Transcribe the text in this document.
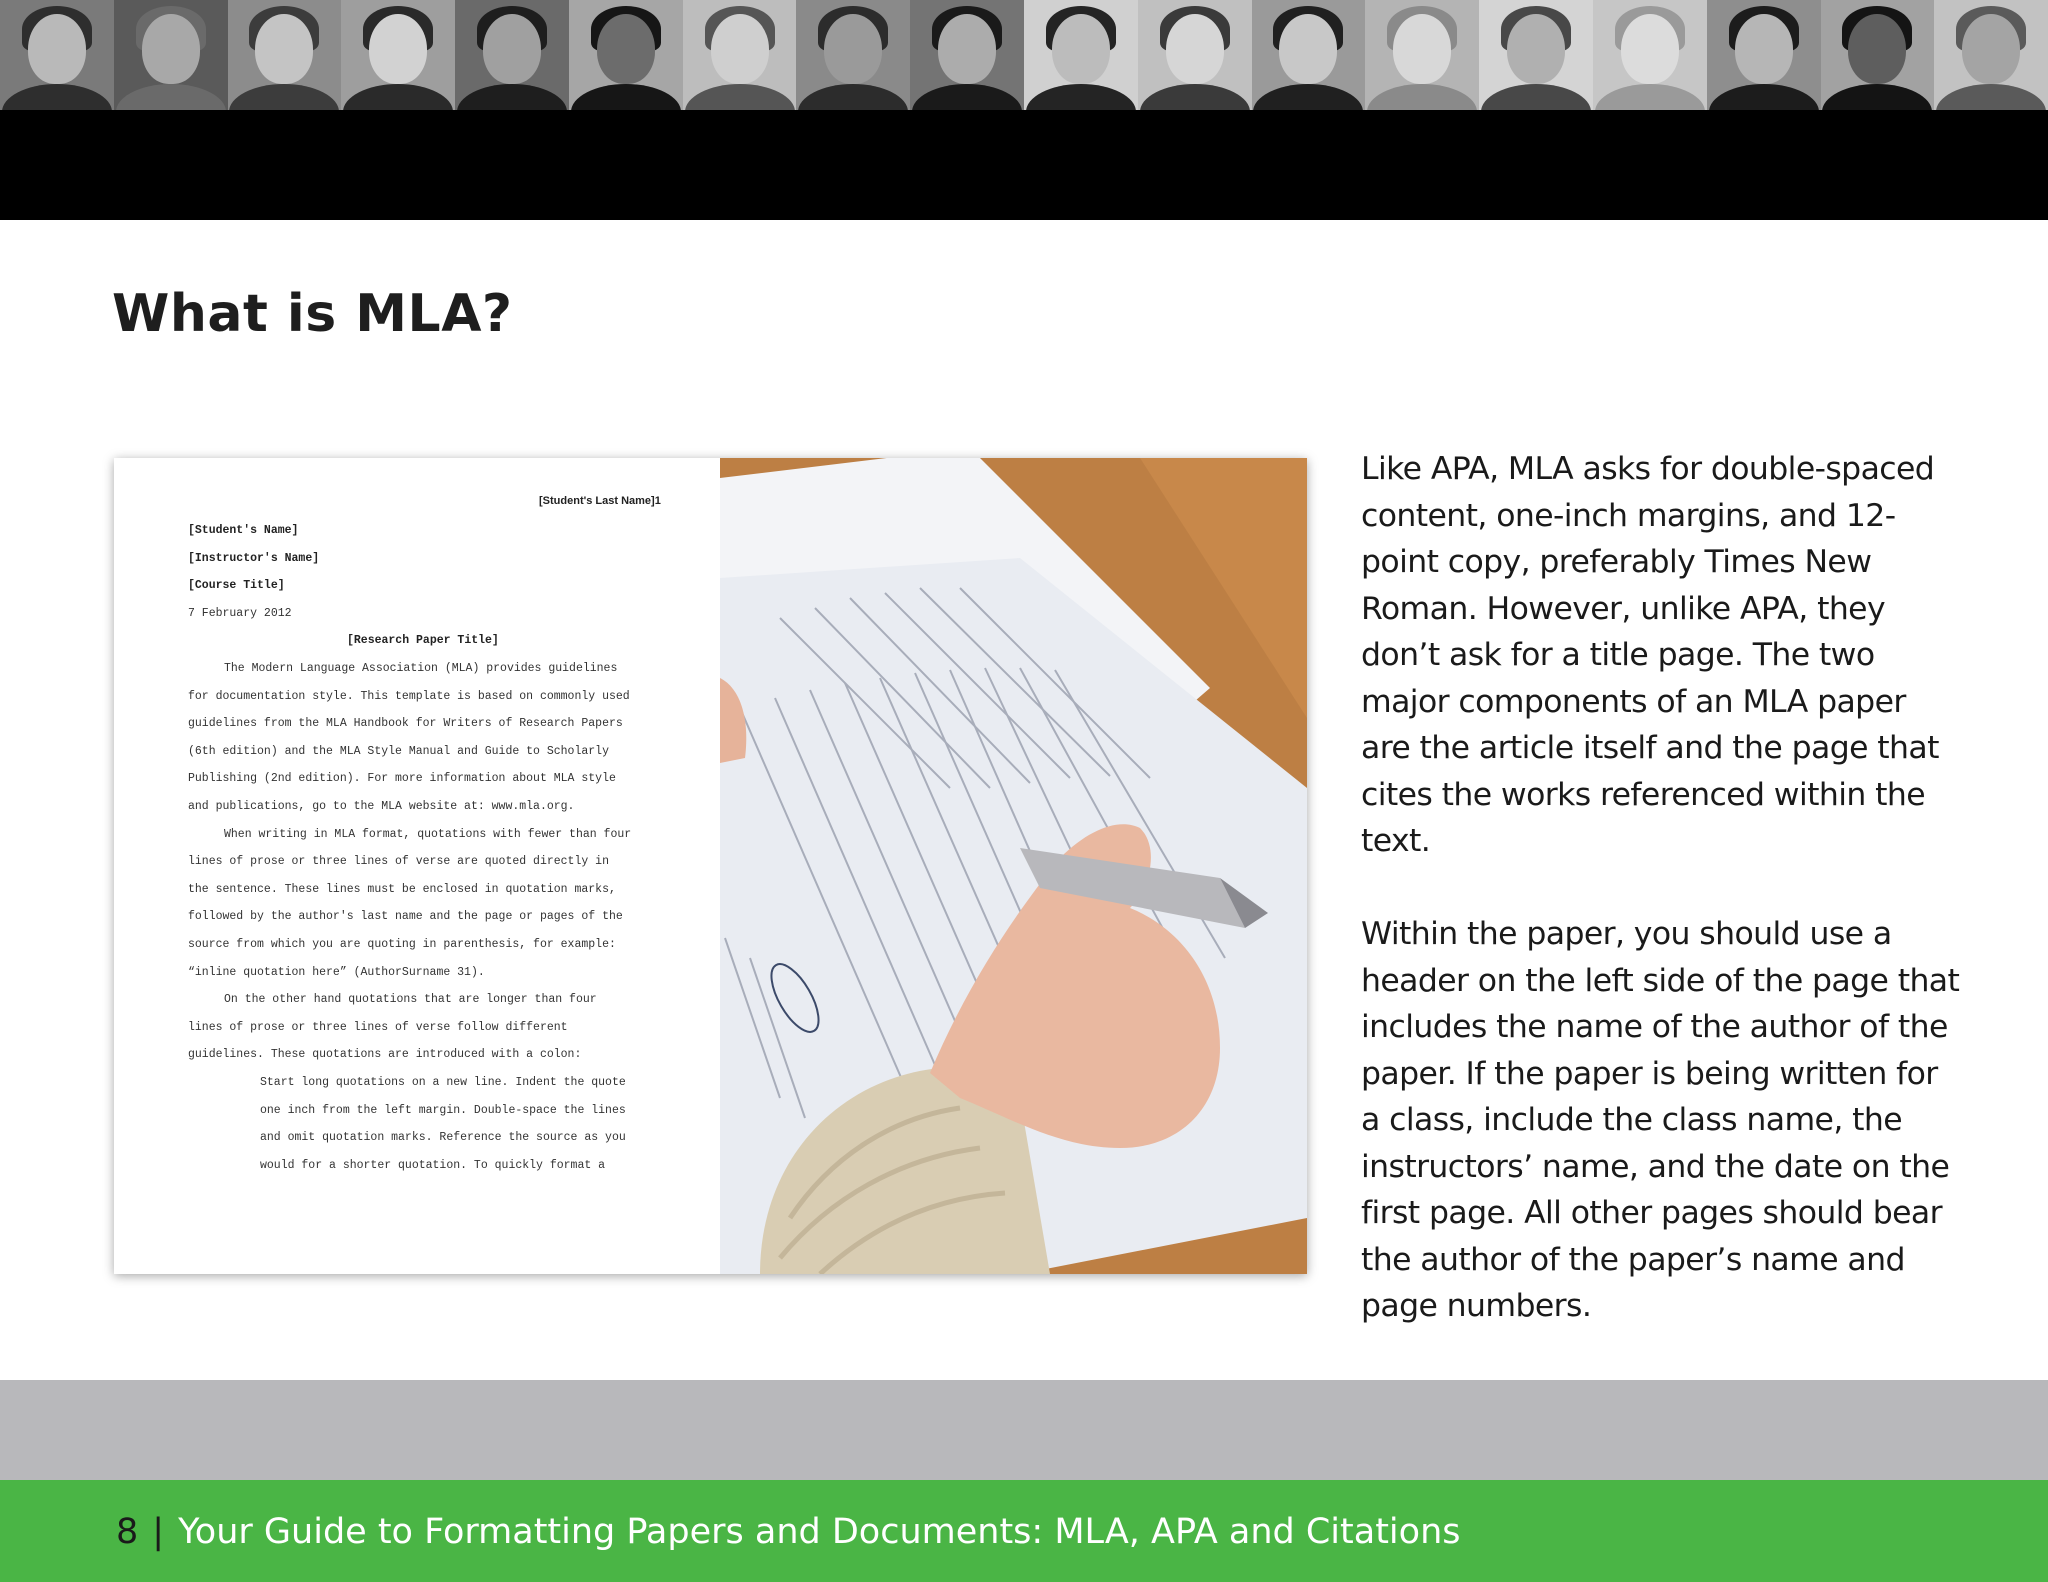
What is MLA?
[Student's Last Name]1
[Student's Name]
[Instructor's Name]
[Course Title]
7 February 2012
[Research Paper Title]
The Modern Language Association (MLA) provides guidelines
for documentation style. This template is based on commonly used
guidelines from the MLA Handbook for Writers of Research Papers
(6th edition) and the MLA Style Manual and Guide to Scholarly
Publishing (2nd edition). For more information about MLA style
and publications, go to the MLA website at: www.mla.org.
When writing in MLA format, quotations with fewer than four
lines of prose or three lines of verse are quoted directly in
the sentence. These lines must be enclosed in quotation marks,
followed by the author's last name and the page or pages of the
source from which you are quoting in parenthesis, for example:
“inline quotation here” (AuthorSurname 31).
On the other hand quotations that are longer than four
lines of prose or three lines of verse follow different
guidelines. These quotations are introduced with a colon:
Start long quotations on a new line. Indent the quote
one inch from the left margin. Double-space the lines
and omit quotation marks. Reference the source as you
would for a shorter quotation. To quickly format a

Like APA, MLA asks for double-spaced content, one-inch margins, and 12-point copy, preferably Times New Roman. However, unlike APA, they don’t ask for a title page. The two major components of an MLA paper are the article itself and the page that cites the works referenced within the text.

Within the paper, you should use a header on the left side of the page that includes the name of the author of the paper. If the paper is being written for a class, include the class name, the instructors’ name, and the date on the first page. All other pages should bear the author of the paper’s name and page numbers.

8 | Your Guide to Formatting Papers and Documents: MLA, APA and Citations
